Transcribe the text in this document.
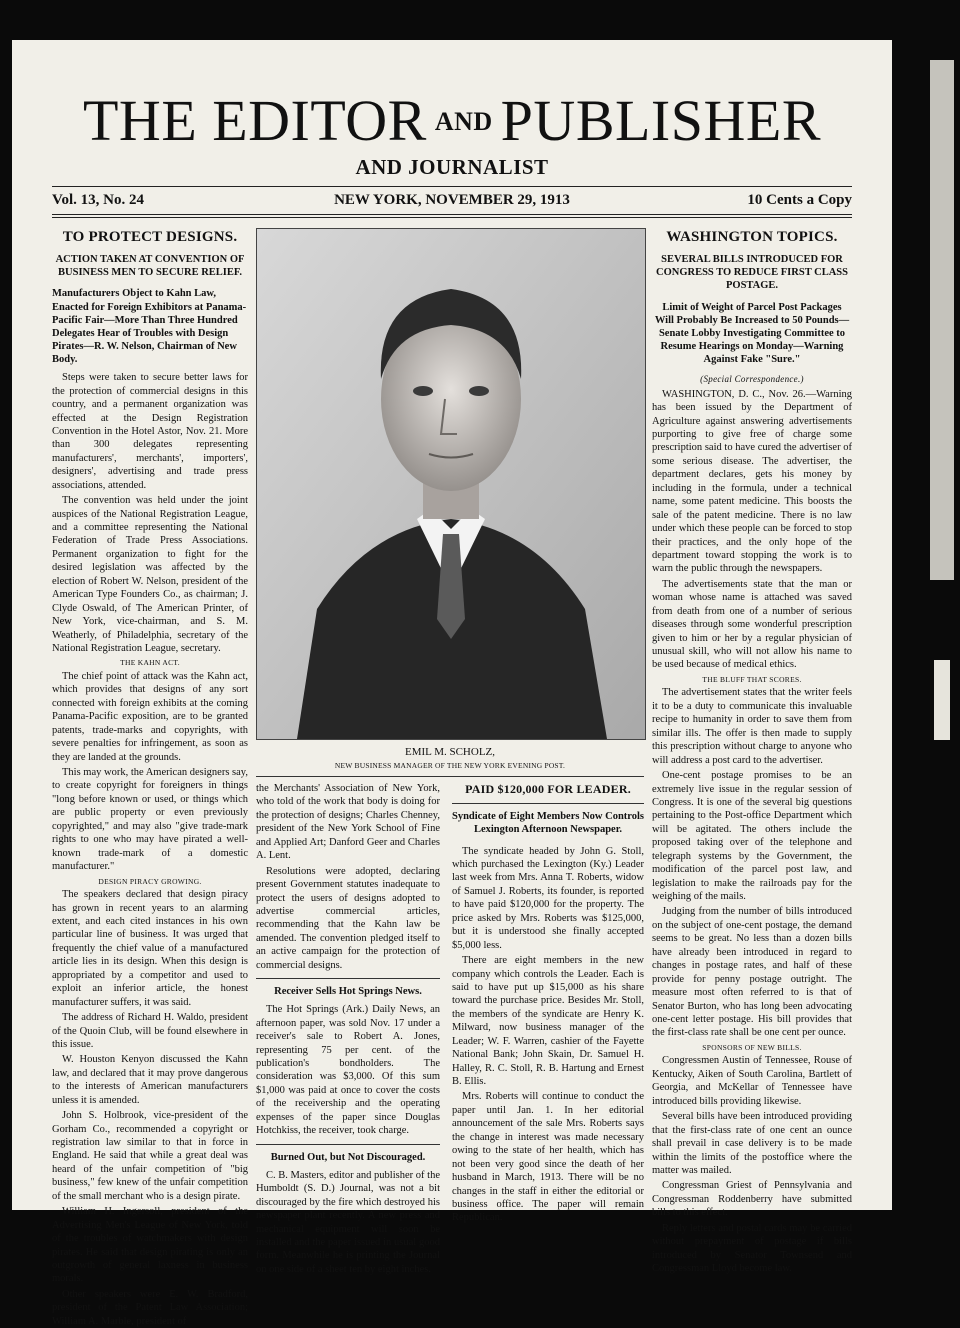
THE EDITOR AND PUBLISHER
AND JOURNALIST
Vol. 13, No. 24	NEW YORK, NOVEMBER 29, 1913	10 Cents a Copy
TO PROTECT DESIGNS.
ACTION TAKEN AT CONVENTION OF BUSINESS MEN TO SECURE RELIEF.
Manufacturers Object to Kahn Law, Enacted for Foreign Exhibitors at Panama-Pacific Fair—More Than Three Hundred Delegates Hear of Troubles with Design Pirates—R. W. Nelson, Chairman of New Body.

Steps were taken to secure better laws for the protection of commercial designs in this country, and a permanent organization was effected at the Design Registration Convention in the Hotel Astor, Nov. 21. More than 300 delegates representing manufacturers', merchants', importers', designers', advertising and trade press associations, attended.

The convention was held under the joint auspices of the National Registration League, and a committee representing the National Federation of Trade Press Associations. Permanent organization to fight for the desired legislation was affected by the election of Robert W. Nelson, president of the American Type Founders Co., as chairman; J. Clyde Oswald, of The American Printer, of New York, vice-chairman, and S. M. Weatherly, of Philadelphia, secretary of the National Registration League, secretary.

THE KAHN ACT.

The chief point of attack was the Kahn act, which provides that designs of any sort connected with foreign exhibits at the coming Panama-Pacific exposition, are to be granted patents, trade-marks and copyrights, with severe penalties for infringement, as soon as they are landed at the grounds.

This may work, the American designers say, to create copyright for foreigners in things "long before known or used, or things which are public property or even previously copyrighted," and may also "give trade-mark rights to one who may have pirated a well-known trade-mark of a domestic manufacturer."

DESIGN PIRACY GROWING.

The speakers declared that design piracy has grown in recent years to an alarming extent, and each cited instances in his own particular line of business. It was urged that frequently the chief value of a manufactured article lies in its design. When this design is appropriated by a competitor and used to exploit an inferior article, the honest manufacturer suffers, it was said.

The address of Richard H. Waldo, president of the Quoin Club, will be found elsewhere in this issue.

W. Houston Kenyon discussed the Kahn law, and declared that it may prove dangerous to the interests of American manufacturers unless it is amended.

John S. Holbrook, vice-president of the Gorham Co., recommended a copyright or registration law similar to that in force in England. He said that while a great deal was heard of the unfair competition of "big business," few knew of the unfair competition of the small merchant who is a design pirate.

William H. Ingersoll, president of the Advertising Men's League of New York, told of the troubles of watchmakers with design pirates. He said that design pirating is only an outgrowth of general laxness in business morals.

Other speakers were E. W. Bradford, president of the Patent Law Association; William A. Marble, president of

EMIL M. SCHOLZ,
NEW BUSINESS MANAGER OF THE NEW YORK EVENING POST.

the Merchants' Association of New York, who told of the work that body is doing for the protection of designs; Charles Chenney, president of the New York School of Fine and Applied Art; Danford Geer and Charles A. Lent.

Resolutions were adopted, declaring present Government statutes inadequate to protect the users of designs adopted to advertise commercial articles, recommending that the Kahn law be amended. The convention pledged itself to an active campaign for the protection of commercial designs.

Receiver Sells Hot Springs News.

The Hot Springs (Ark.) Daily News, an afternoon paper, was sold Nov. 17 under a receiver's sale to Robert A. Jones, representing 75 per cent. of the publication's bondholders. The consideration was $3,000. Of this sum $1,000 was paid at once to cover the costs of the receivership and the operating expenses of the paper since Douglas Hotchkiss, the receiver, took charge.

Burned Out, but Not Discouraged.

C. B. Masters, editor and publisher of the Humboldt (S. D.) Journal, was not a bit discouraged by the fire which destroyed his newspaper plant recently. A new press and mechanical equipment will soon be installed and the paper issued in usual good form. Meanwhile he is printing the Journal on one side of a sheet ten by eight inches.

PAID $120,000 FOR LEADER.
Syndicate of Eight Members Now Controls Lexington Afternoon Newspaper.

The syndicate headed by John G. Stoll, which purchased the Lexington (Ky.) Leader last week from Mrs. Anna T. Roberts, widow of Samuel J. Roberts, its founder, is reported to have paid $120,000 for the property. The price asked by Mrs. Roberts was $125,000, but it is understood she finally accepted $5,000 less.

There are eight members in the new company which controls the Leader. Each is said to have put up $15,000 as his share toward the purchase price. Besides Mr. Stoll, the members of the syndicate are Henry K. Milward, now business manager of the Leader; W. F. Warren, cashier of the Fayette National Bank; John Skain, Dr. Samuel H. Halley, R. C. Stoll, R. B. Hartung and Ernest B. Ellis.

Mrs. Roberts will continue to conduct the paper until Jan. 1. In her editorial announcement of the sale Mrs. Roberts says the change in interest was made necessary owing to the state of her health, which has not been very good since the death of her husband in March, 1913. There will be no changes in the staff in either the editorial or business office. The paper will remain Republican.

WASHINGTON TOPICS.
SEVERAL BILLS INTRODUCED FOR CONGRESS TO REDUCE FIRST CLASS POSTAGE.
Limit of Weight of Parcel Post Packages Will Probably Be Increased to 50 Pounds—Senate Lobby Investigating Committee to Resume Hearings on Monday—Warning Against Fake "Sure."
(Special Correspondence.)

WASHINGTON, D. C., Nov. 26.—Warning has been issued by the Department of Agriculture against answering advertisements purporting to give free of charge some prescription said to have cured the advertiser of some serious disease. The advertiser, the department declares, gets his money by including in the formula, under a technical name, some patent medicine. This boosts the sale of the patent medicine. There is no law under which these people can be forced to stop their practices, and the only hope of the department toward stopping the work is to warn the public through the newspapers.

The advertisements state that the man or woman whose name is attached was saved from death from one of a number of serious diseases through some wonderful prescription given to him or her by a regular physician of unusual skill, who will not allow his name to be used because of medical ethics.

THE BLUFF THAT SCORES.

The advertisement states that the writer feels it to be a duty to communicate this invaluable recipe to humanity in order to save them from similar ills. The offer is then made to supply this prescription without charge to anyone who will address a post card to the advertiser.

One-cent postage promises to be an extremely live issue in the regular session of Congress. It is one of the several big questions pertaining to the Post-office Department which will be agitated. The others include the proposed taking over of the telephone and telegraph systems by the Government, the modification of the parcel post law, and legislation to make the railroads pay for the weighing of the mails.

Judging from the number of bills introduced on the subject of one-cent postage, the demand seems to be great. No less than a dozen bills have already been introduced in regard to changes in postage rates, and half of these provide for penny postage outright. The measure most often referred to is that of Senator Burton, who has long been advocating one-cent letter postage. His bill provides that the first-class rate shall be one cent per ounce.

SPONSORS OF NEW BILLS.

Congressmen Austin of Tennessee, Rouse of Kentucky, Aiken of South Carolina, Bartlett of Georgia, and McKellar of Tennessee have introduced bills providing likewise.

Several bills have been introduced providing that the first-class rate of one cent an ounce shall prevail in case delivery is to be made within the limits of the postoffice where the matter was mailed.

Congressman Griest of Pennsylvania and Congressman Roddenberry have submitted bills to this effect.

Reply letters and postal cards may be carried without prepayment of postage if bills introduced by Senator Townsend and Congressman Lloyd become law.
